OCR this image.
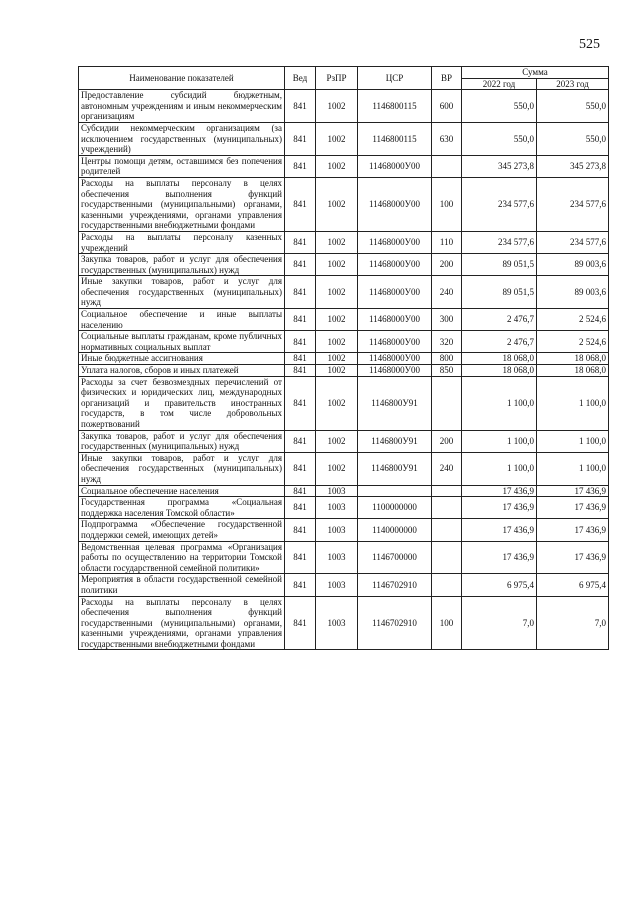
525
Наименование показателей	Вед	РзПР	ЦСР	ВР	Сумма	
					2022 год	2023 год
Предоставление субсидий бюджетным, автономным учреждениям и иным некоммерческим организациям	841	1002	1146800115	600	550,0	550,0
Субсидии некоммерческим организациям (за исключением государственных (муниципальных) учреждений)	841	1002	1146800115	630	550,0	550,0
Центры помощи детям, оставшимся без попечения родителей	841	1002	11468000У00		345 273,8	345 273,8
Расходы на выплаты персоналу в целях обеспечения выполнения функций государственными (муниципальными) органами, казенными учреждениями, органами управления государственными внебюджетными фондами	841	1002	11468000У00	100	234 577,6	234 577,6
Расходы на выплаты персоналу казенных учреждений	841	1002	11468000У00	110	234 577,6	234 577,6
Закупка товаров, работ и услуг для обеспечения государственных (муниципальных) нужд	841	1002	11468000У00	200	89 051,5	89 003,6
Иные закупки товаров, работ и услуг для обеспечения государственных (муниципальных) нужд	841	1002	11468000У00	240	89 051,5	89 003,6
Социальное обеспечение и иные выплаты населению	841	1002	11468000У00	300	2 476,7	2 524,6
Социальные выплаты гражданам, кроме публичных нормативных социальных выплат	841	1002	11468000У00	320	2 476,7	2 524,6
Иные бюджетные ассигнования	841	1002	11468000У00	800	18 068,0	18 068,0
Уплата налогов, сборов и иных платежей	841	1002	11468000У00	850	18 068,0	18 068,0
Расходы за счет безвозмездных перечислений от физических и юридических лиц, международных организаций и правительств иностранных государств, в том числе добровольных пожертвований	841	1002	1146800У91		1 100,0	1 100,0
Закупка товаров, работ и услуг для обеспечения государственных (муниципальных) нужд	841	1002	1146800У91	200	1 100,0	1 100,0
Иные закупки товаров, работ и услуг для обеспечения государственных (муниципальных) нужд	841	1002	1146800У91	240	1 100,0	1 100,0
Социальное обеспечение населения	841	1003			17 436,9	17 436,9
Государственная программа «Социальная поддержка населения Томской области»	841	1003	1100000000		17 436,9	17 436,9
Подпрограмма «Обеспечение государственной поддержки семей, имеющих детей»	841	1003	1140000000		17 436,9	17 436,9
Ведомственная целевая программа «Организация работы по осуществлению на территории Томской области государственной семейной политики»	841	1003	1146700000		17 436,9	17 436,9
Мероприятия в области государственной семейной политики	841	1003	1146702910		6 975,4	6 975,4
Расходы на выплаты персоналу в целях обеспечения выполнения функций государственными (муниципальными) органами, казенными учреждениями, органами управления государственными внебюджетными фондами	841	1003	1146702910	100	7,0	7,0
